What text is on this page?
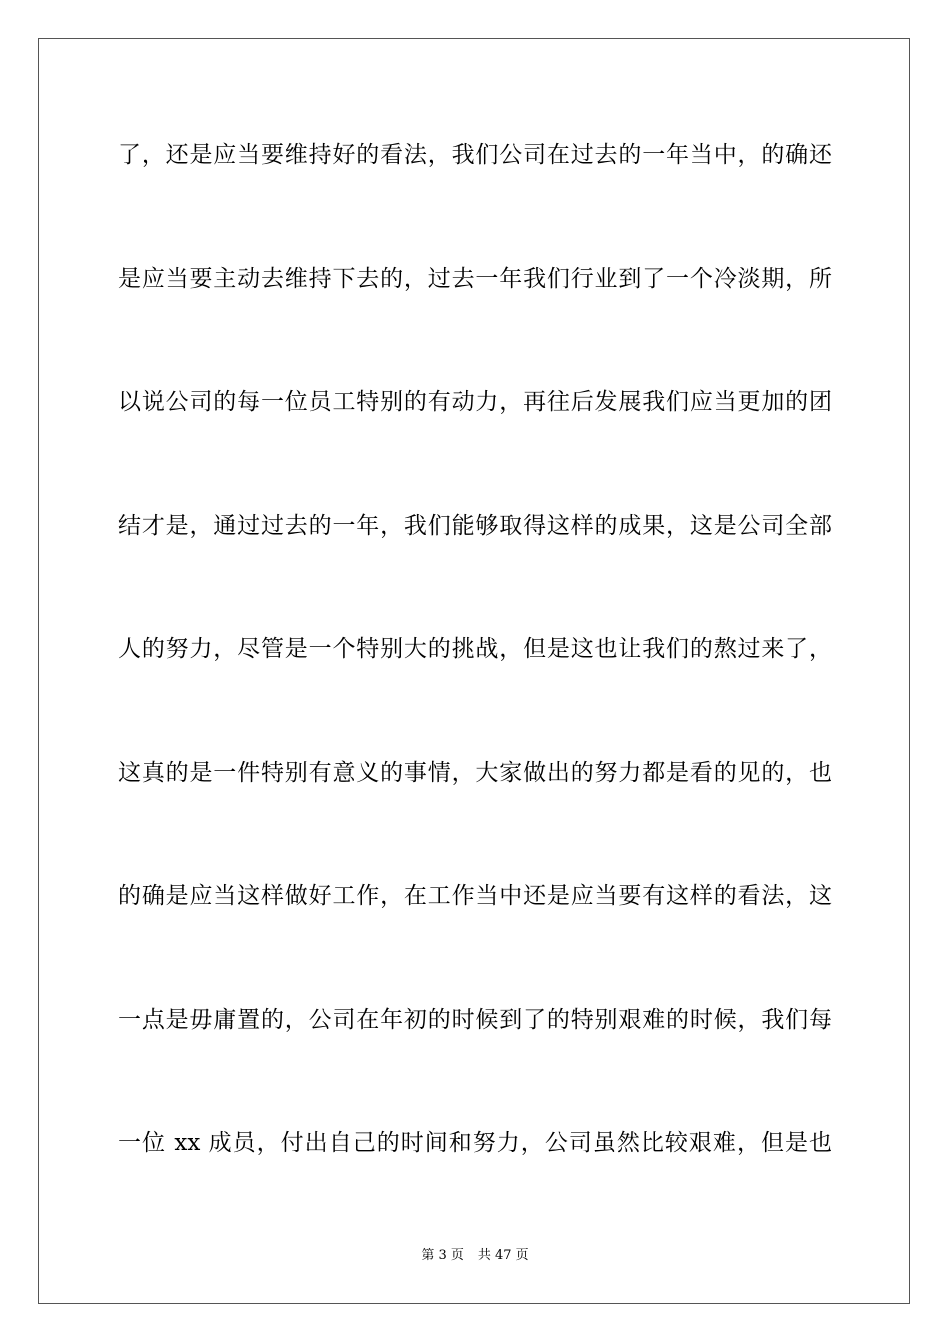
了，还是应当要维持好的看法，我们公司在过去的一年当中，的确还
是应当要主动去维持下去的，过去一年我们行业到了一个冷淡期，所
以说公司的每一位员工特别的有动力，再往后发展我们应当更加的团
结才是，通过过去的一年，我们能够取得这样的成果，这是公司全部
人的努力，尽管是一个特别大的挑战，但是这也让我们的熬过来了，
这真的是一件特别有意义的事情，大家做出的努力都是看的见的，也
的确是应当这样做好工作，在工作当中还是应当要有这样的看法，这
一点是毋庸置的，公司在年初的时候到了的特别艰难的时候，我们每
一位 xx 成员，付出自己的时间和努力，公司虽然比较艰难，但是也
第 3 页 共 47 页
